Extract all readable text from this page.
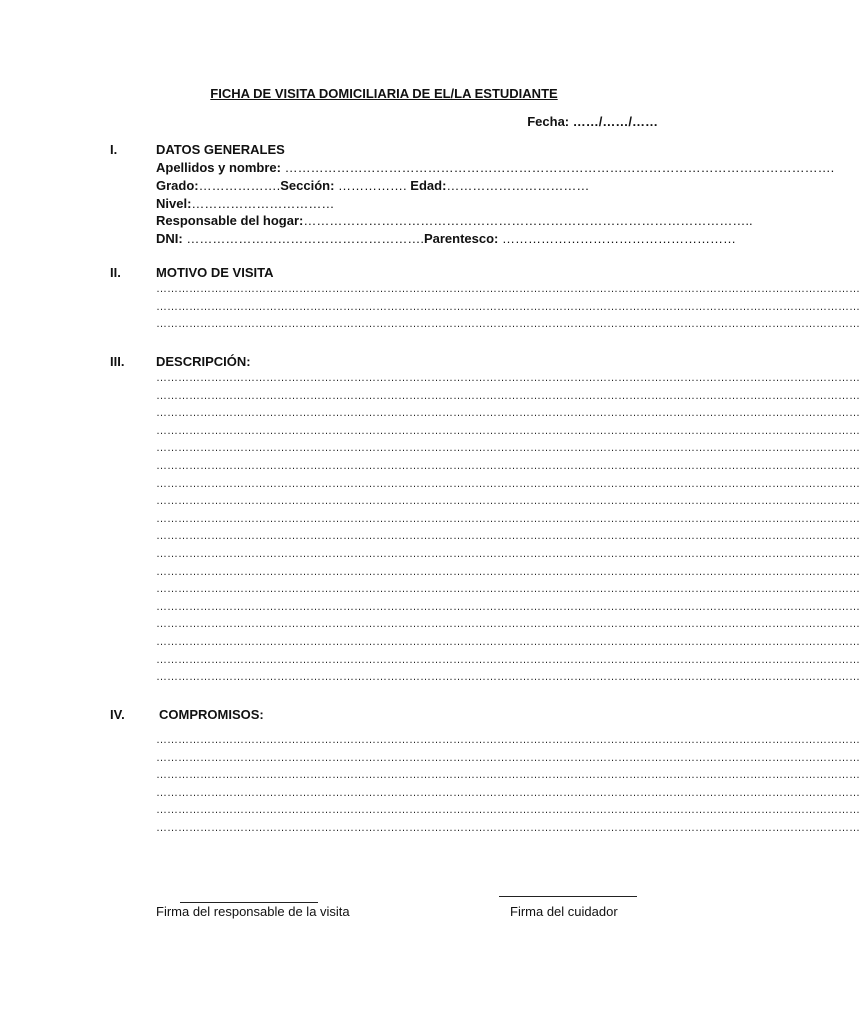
FICHA DE VISITA DOMICILIARIA DE EL/LA ESTUDIANTE
Fecha: ……/……/……
I.	DATOS GENERALES
Apellidos y nombre: ……………………………………………………………………………………………………………….
Grado:……………….Sección: ……………. Edad:……………………………
Nivel:……………………………
Responsable del hogar:…………………………………………………………………………………………..
DNI: ……………………………………………….Parentesco: ………………………………………………
II.	MOTIVO DE VISITA
…………………………………………………………………………………………………………………………………………………………………………
…………………………………………………………………………………………………………………………………………………………………………
…………………………………………………………………………………………………………………………………………………………………………
III. DESCRIPCIÓN:
…………………………………………………………………………………………………………………………………………………………………………
…………………………………………………………………………………………………………………………………………………………………………
…………………………………………………………………………………………………………………………………………………………………………
…………………………………………………………………………………………………………………………………………………………………………
…………………………………………………………………………………………………………………………………………………………………………
…………………………………………………………………………………………………………………………………………………………………………
…………………………………………………………………………………………………………………………………………………………………………
…………………………………………………………………………………………………………………………………………………………………………
…………………………………………………………………………………………………………………………………………………………………………
…………………………………………………………………………………………………………………………………………………………………………
…………………………………………………………………………………………………………………………………………………………………………
…………………………………………………………………………………………………………………………………………………………………………
…………………………………………………………………………………………………………………………………………………………………………
…………………………………………………………………………………………………………………………………………………………………………
…………………………………………………………………………………………………………………………………………………………………………
…………………………………………………………………………………………………………………………………………………………………………
…………………………………………………………………………………………………………………………………………………………………………
…………………………………………………………………………………………………………………………………………………………………………
IV.	COMPROMISOS:
…………………………………………………………………………………………………………………………………………………………………………
…………………………………………………………………………………………………………………………………………………………………………
…………………………………………………………………………………………………………………………………………………………………………
…………………………………………………………………………………………………………………………………………………………………………
…………………………………………………………………………………………………………………………………………………………………………
…………………………………………………………………………………………………………………………………………………………………………
Firma del responsable de la visita	Firma del cuidador
